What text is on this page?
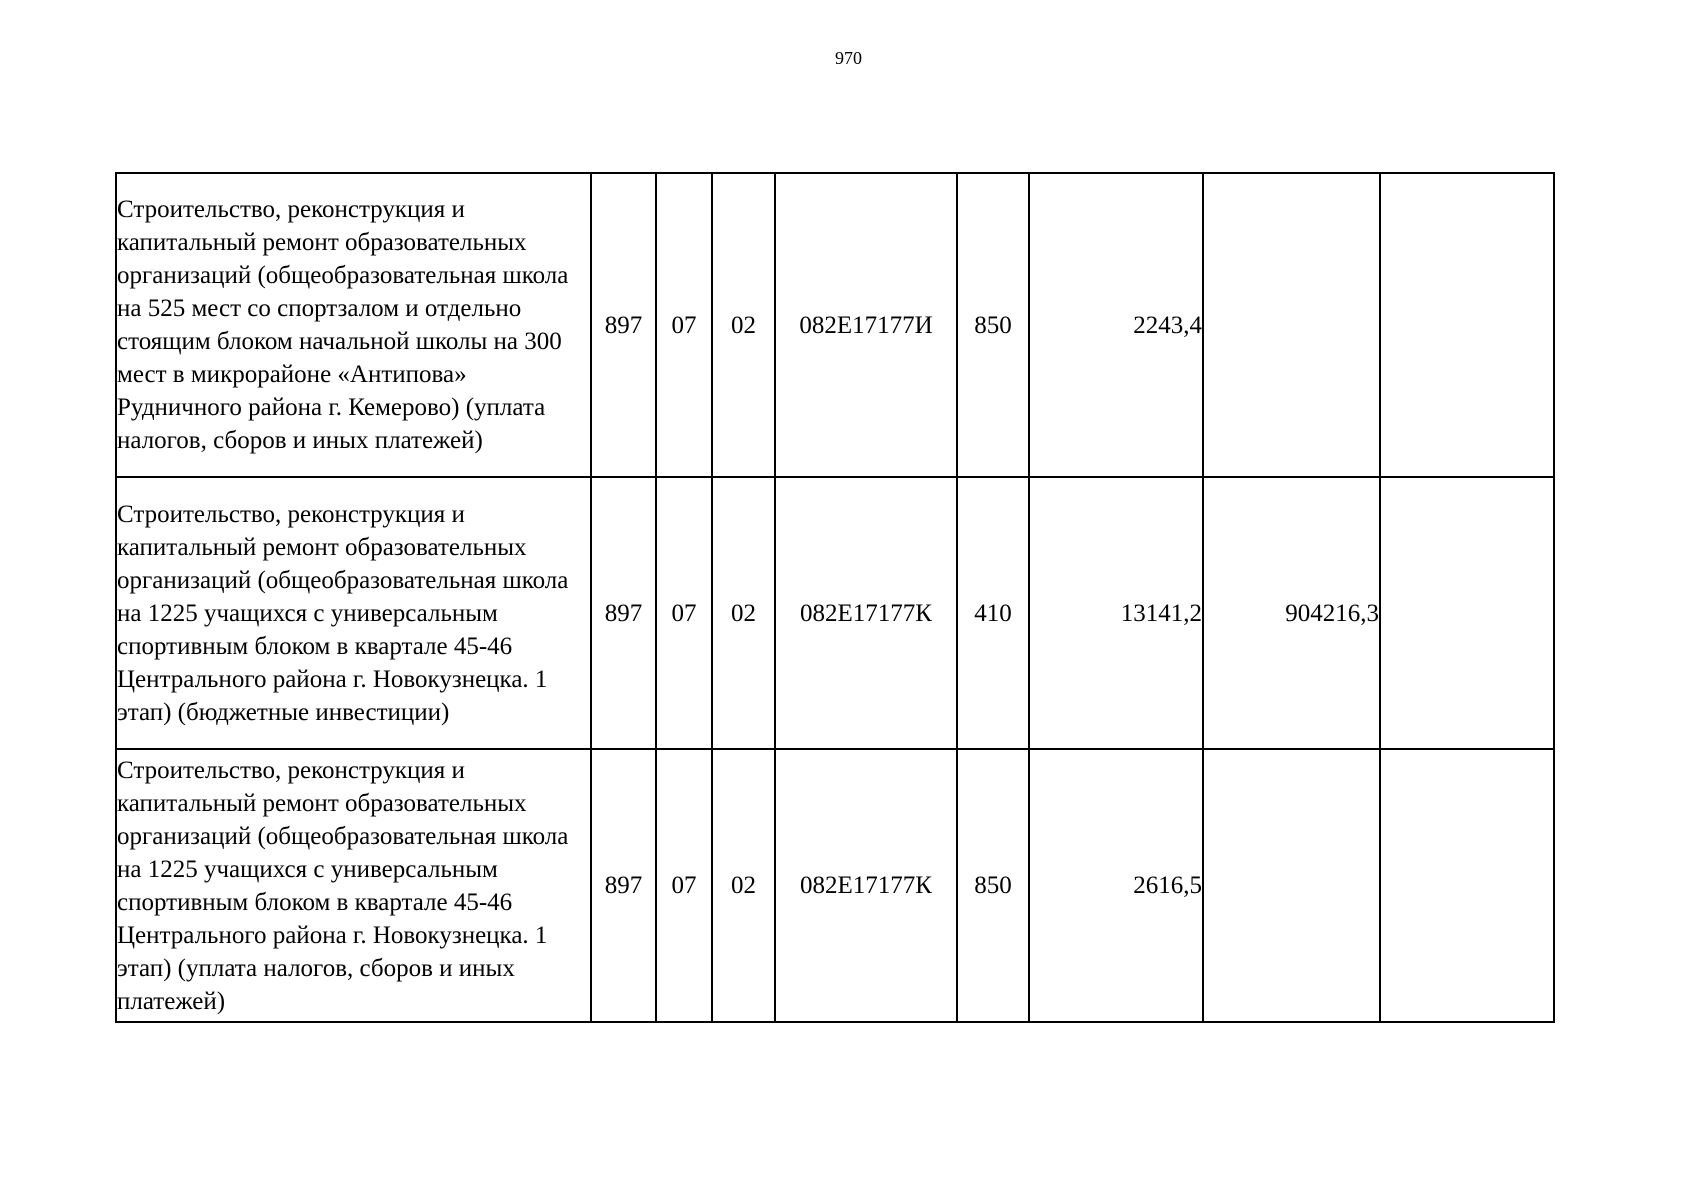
970
Строительство, реконструкция и капитальный ремонт образовательных организаций (общеобразовательная школа на 525 мест со спортзалом и отдельно стоящим блоком начальной школы на 300 мест в микрорайоне «Антипова» Рудничного района г. Кемерово) (уплата налогов, сборов и иных платежей)	897	07	02	082E17177И	850	2243,4		
Строительство, реконструкция и капитальный ремонт образовательных организаций (общеобразовательная школа на 1225 учащихся с универсальным спортивным блоком в квартале 45-46 Центрального района г. Новокузнецка. 1 этап) (бюджетные инвестиции)	897	07	02	082E17177К	410	13141,2	904216,3	
Строительство, реконструкция и капитальный ремонт образовательных организаций (общеобразовательная школа на 1225 учащихся с универсальным спортивным блоком в квартале 45-46 Центрального района г. Новокузнецка. 1 этап) (уплата налогов, сборов и иных платежей)	897	07	02	082E17177К	850	2616,5		
